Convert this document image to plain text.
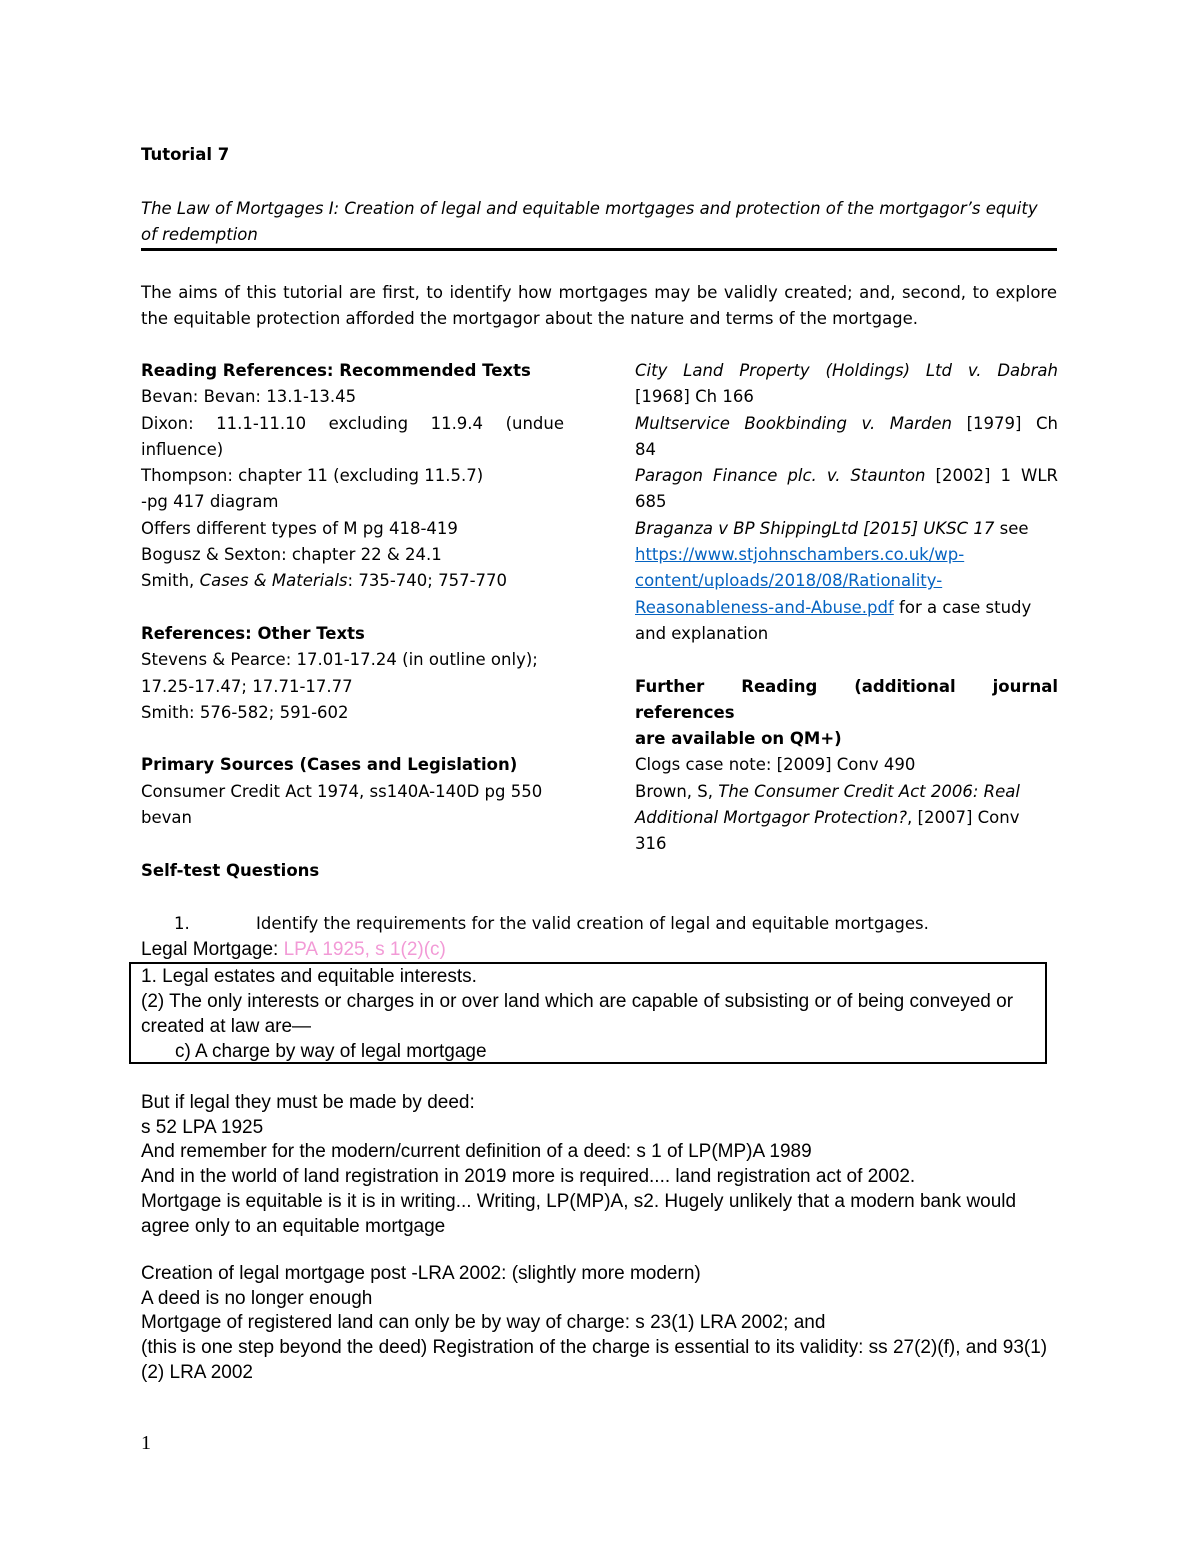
Tutorial 7
The Law of Mortgages I: Creation of legal and equitable mortgages and protection of the mortgagor’s equity of redemption
The aims of this tutorial are first, to identify how mortgages may be validly created; and, second, to explore the equitable protection afforded the mortgagor about the nature and terms of the mortgage.

Reading References: Recommended Texts

Bevan: Bevan: 13.1-13.45

Dixon: 11.1-11.10 excluding 11.9.4 (undue

influence)

Thompson: chapter 11 (excluding 11.5.7)

-pg 417 diagram

Offers different types of M pg 418-419

Bogusz & Sexton: chapter 22 & 24.1

Smith, Cases & Materials: 735-740; 757-770

References: Other Texts

Stevens & Pearce: 17.01-17.24 (in outline only);

17.25-17.47; 17.71-17.77

Smith: 576-582; 591-602

Primary Sources (Cases and Legislation)

Consumer Credit Act 1974, ss140A-140D pg 550

bevan

City Land Property (Holdings) Ltd v. Dabrah

[1968] Ch 166

Multservice Bookbinding v. Marden [1979] Ch

84

Paragon Finance plc. v. Staunton [2002] 1 WLR

685

Braganza v BP ShippingLtd [2015] UKSC 17 see

https://www.stjohnschambers.co.uk/wp-

content/uploads/2018/08/Rationality-

Reasonableness-and-Abuse.pdf for a case study

and explanation

Further Reading (additional journal references

are available on QM+)

Clogs case note: [2009] Conv 490

Brown, S, The Consumer Credit Act 2006: Real

Additional Mortgagor Protection?, [2007] Conv

316

Self-test Questions
1.	Identify the requirements for the valid creation of legal and equitable mortgages.
Legal Mortgage: LPA 1925, s 1(2)(c)

1. Legal estates and equitable interests.

(2) The only interests or charges in or over land which are capable of subsisting or of being conveyed or created at law are—

c) A charge by way of legal mortgage

But if legal they must be made by deed:

s 52 LPA 1925

And remember for the modern/current definition of a deed: s 1 of LP(MP)A 1989

And in the world of land registration in 2019 more is required.... land registration act of 2002.

Mortgage is equitable is it is in writing... Writing, LP(MP)A, s2. Hugely unlikely that a modern bank would agree only to an equitable mortgage

Creation of legal mortgage post -LRA 2002: (slightly more modern)

A deed is no longer enough

Mortgage of registered land can only be by way of charge: s 23(1) LRA 2002; and

(this is one step beyond the deed) Registration of the charge is essential to its validity: ss 27(2)(f), and 93(1)(2) LRA 2002

1
